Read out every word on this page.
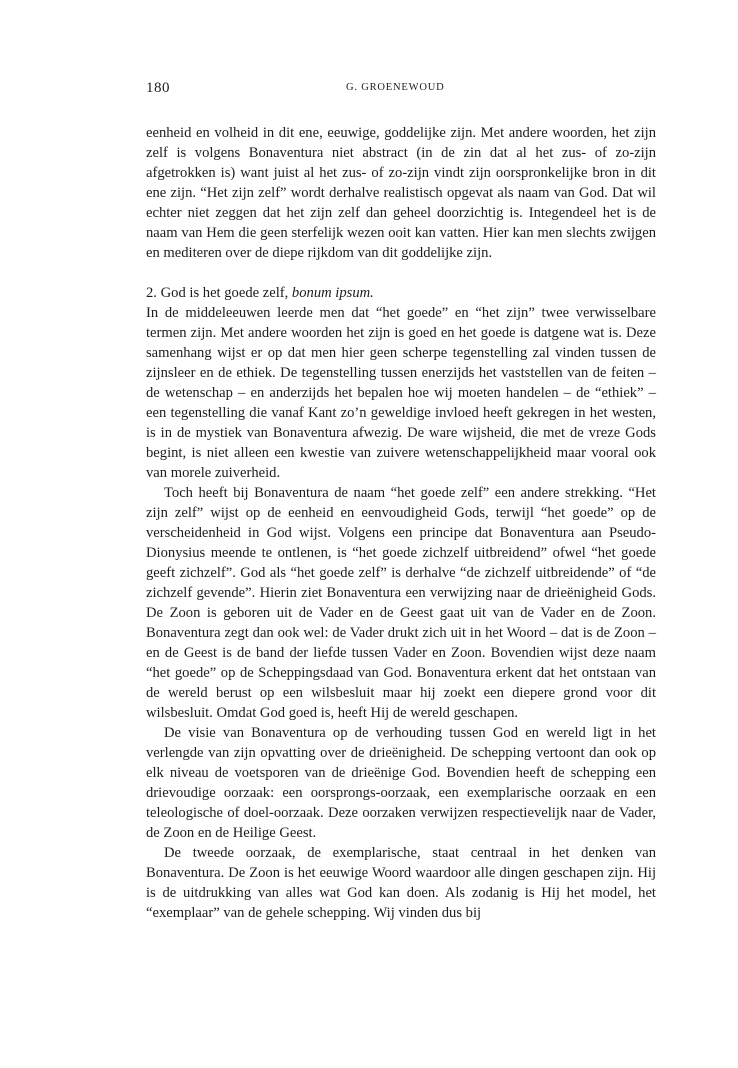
180	G. GROENEWOUD

eenheid en volheid in dit ene, eeuwige, goddelijke zijn. Met andere woorden, het zijn zelf is volgens Bonaventura niet abstract (in de zin dat al het zus- of zo-zijn afgetrokken is) want juist al het zus- of zo-zijn vindt zijn oorspronkelijke bron in dit ene zijn. “Het zijn zelf” wordt derhalve realistisch opgevat als naam van God. Dat wil echter niet zeggen dat het zijn zelf dan geheel doorzichtig is. Integendeel het is de naam van Hem die geen sterfelijk wezen ooit kan vatten. Hier kan men slechts zwijgen en mediteren over de diepe rijkdom van dit goddelijke zijn.

2. God is het goede zelf, bonum ipsum.

In de middeleeuwen leerde men dat “het goede” en “het zijn” twee verwisselbare termen zijn. Met andere woorden het zijn is goed en het goede is datgene wat is. Deze samenhang wijst er op dat men hier geen scherpe tegenstelling zal vinden tussen de zijnsleer en de ethiek. De tegenstelling tussen enerzijds het vaststellen van de feiten – de wetenschap – en anderzijds het bepalen hoe wij moeten handelen – de “ethiek” – een tegenstelling die vanaf Kant zo’n geweldige invloed heeft gekregen in het westen, is in de mystiek van Bonaventura afwezig. De ware wijsheid, die met de vreze Gods begint, is niet alleen een kwestie van zuivere wetenschappelijkheid maar vooral ook van morele zuiverheid.

Toch heeft bij Bonaventura de naam “het goede zelf” een andere strekking. “Het zijn zelf” wijst op de eenheid en eenvoudigheid Gods, terwijl “het goede” op de verscheidenheid in God wijst. Volgens een principe dat Bonaventura aan Pseudo-Dionysius meende te ontlenen, is “het goede zichzelf uitbreidend” ofwel “het goede geeft zichzelf”. God als “het goede zelf” is derhalve “de zichzelf uitbreidende” of “de zichzelf gevende”. Hierin ziet Bonaventura een verwijzing naar de drieënigheid Gods. De Zoon is geboren uit de Vader en de Geest gaat uit van de Vader en de Zoon. Bonaventura zegt dan ook wel: de Vader drukt zich uit in het Woord – dat is de Zoon – en de Geest is de band der liefde tussen Vader en Zoon. Bovendien wijst deze naam “het goede” op de Scheppingsdaad van God. Bonaventura erkent dat het ontstaan van de wereld berust op een wilsbesluit maar hij zoekt een diepere grond voor dit wilsbesluit. Omdat God goed is, heeft Hij de wereld geschapen.

De visie van Bonaventura op de verhouding tussen God en wereld ligt in het verlengde van zijn opvatting over de drieënigheid. De schepping vertoont dan ook op elk niveau de voetsporen van de drieënige God. Bovendien heeft de schepping een drievoudige oorzaak: een oorsprongs-oorzaak, een exemplarische oorzaak en een teleologische of doel-oorzaak. Deze oorzaken verwijzen respectievelijk naar de Vader, de Zoon en de Heilige Geest.

De tweede oorzaak, de exemplarische, staat centraal in het denken van Bonaventura. De Zoon is het eeuwige Woord waardoor alle dingen geschapen zijn. Hij is de uitdrukking van alles wat God kan doen. Als zodanig is Hij het model, het “exemplaar” van de gehele schepping. Wij vinden dus bij
